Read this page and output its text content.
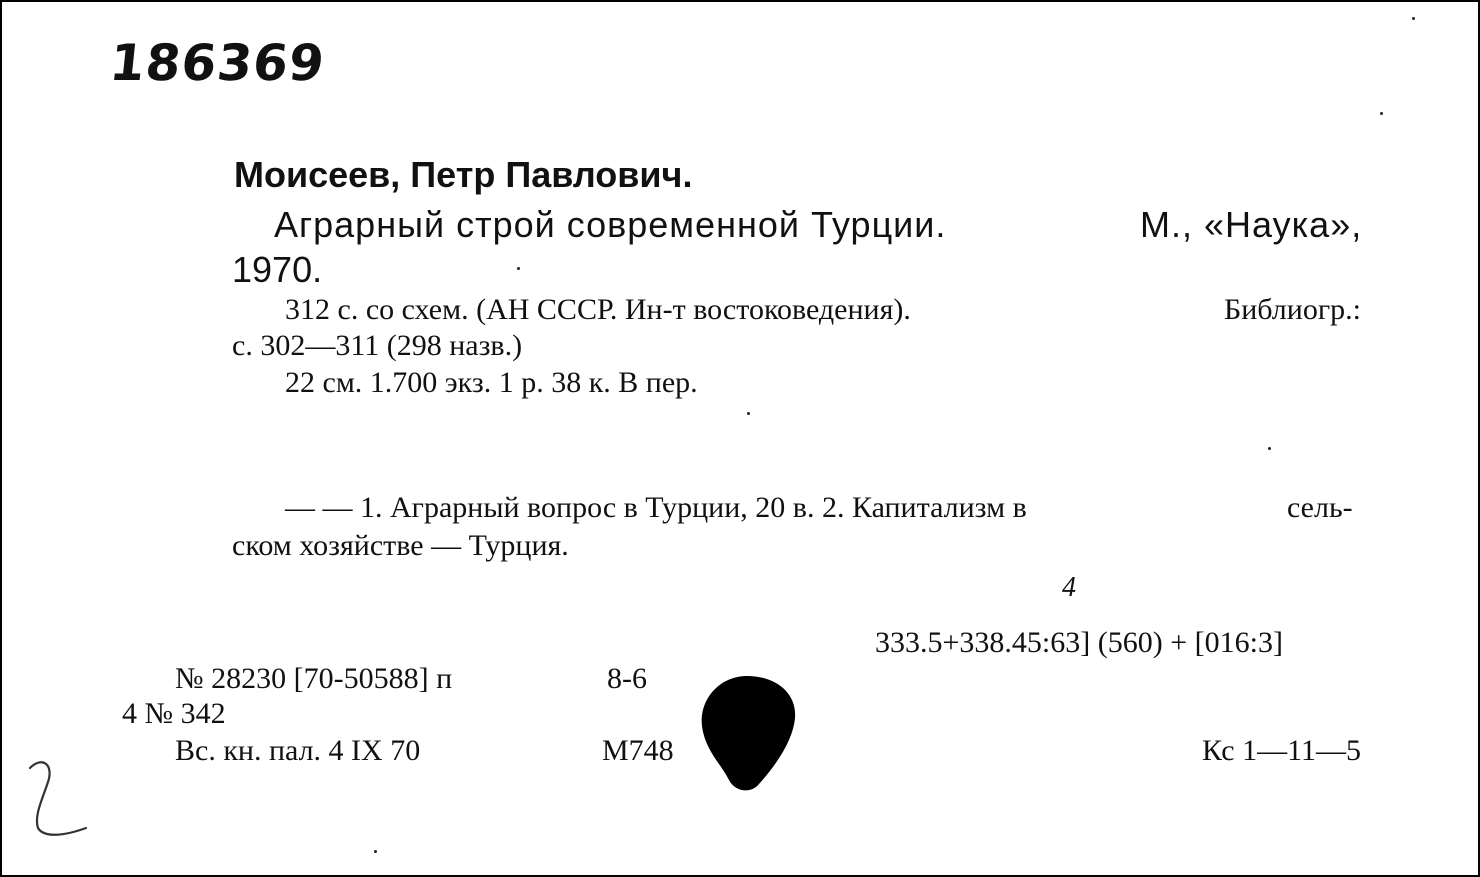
186369
Моисеев, Петр Павлович.
Аграрный строй современной Турции.	М., «Наука»,
1970.
312 с. со схем. (АН СССР. Ин-т востоковедения).	Библиогр.:
с. 302—311 (298 назв.)
22 см. 1.700 экз. 1 р. 38 к. В пер.
— — 1. Аграрный вопрос в Турции, 20 в. 2. Капитализм в	сель-
ском хозяйстве — Турция.
4
333.5+338.45:63] (560) + [016:3]
№ 28230 [70-50588] п	8-6
4 № 342
Вс. кн. пал. 4 IX 70	М748	Кс 1—11—5
